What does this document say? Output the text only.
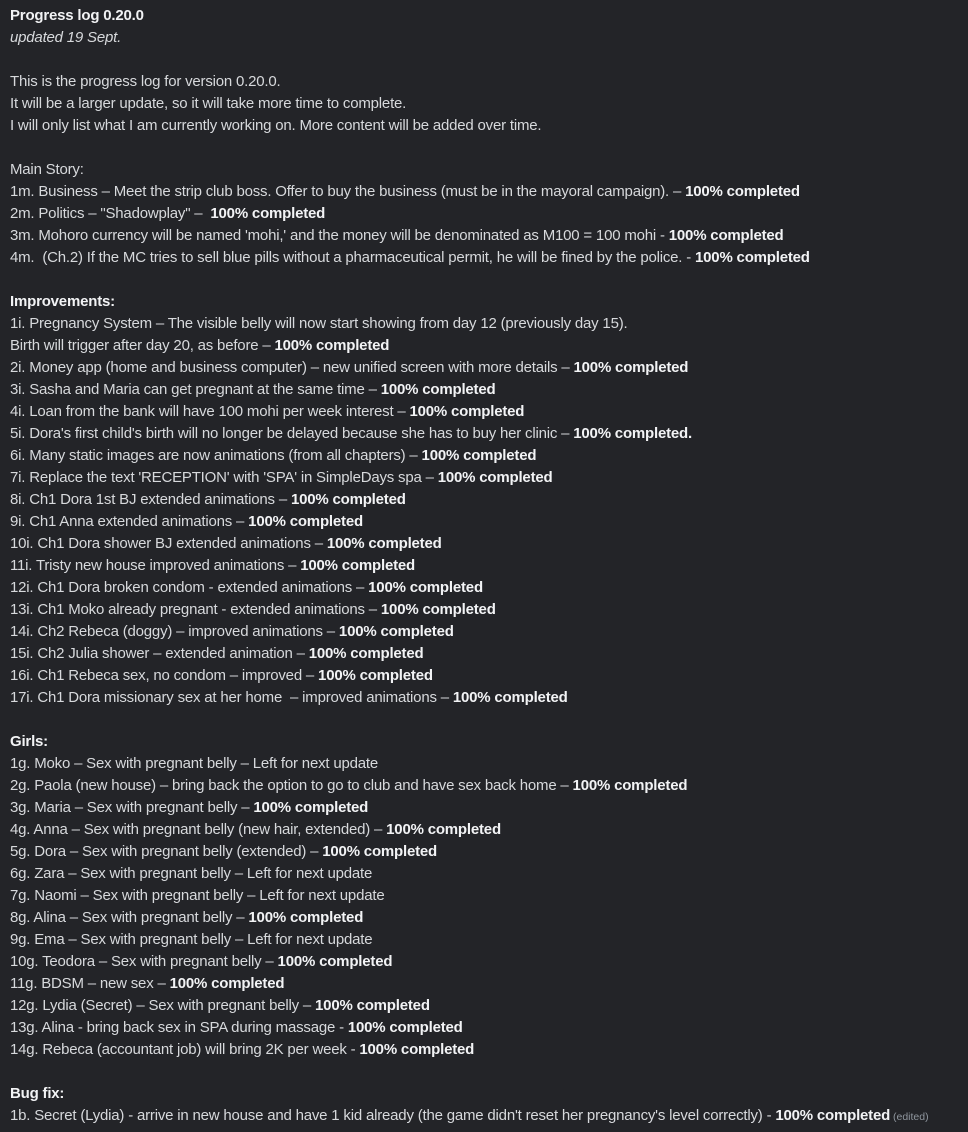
Progress log 0.20.0
updated 19 Sept.
This is the progress log for version 0.20.0.
It will be a larger update, so it will take more time to complete.
I will only list what I am currently working on. More content will be added over time.
Main Story:
1m. Business – Meet the strip club boss. Offer to buy the business (must be in the mayoral campaign). – 100% completed
2m. Politics – "Shadowplay" –  100% completed
3m. Mohoro currency will be named 'mohi,' and the money will be denominated as M100 = 100 mohi - 100% completed
4m.  (Ch.2) If the MC tries to sell blue pills without a pharmaceutical permit, he will be fined by the police. - 100% completed
Improvements:
1i. Pregnancy System – The visible belly will now start showing from day 12 (previously day 15).
Birth will trigger after day 20, as before – 100% completed
2i. Money app (home and business computer) – new unified screen with more details – 100% completed
3i. Sasha and Maria can get pregnant at the same time – 100% completed
4i. Loan from the bank will have 100 mohi per week interest – 100% completed
5i. Dora's first child's birth will no longer be delayed because she has to buy her clinic – 100% completed.
6i. Many static images are now animations (from all chapters) – 100% completed
7i. Replace the text 'RECEPTION' with 'SPA' in SimpleDays spa – 100% completed
8i. Ch1 Dora 1st BJ extended animations – 100% completed
9i. Ch1 Anna extended animations – 100% completed
10i. Ch1 Dora shower BJ extended animations – 100% completed
11i. Tristy new house improved animations – 100% completed
12i. Ch1 Dora broken condom - extended animations – 100% completed
13i. Ch1 Moko already pregnant - extended animations – 100% completed
14i. Ch2 Rebeca (doggy) – improved animations – 100% completed
15i. Ch2 Julia shower – extended animation – 100% completed
16i. Ch1 Rebeca sex, no condom – improved – 100% completed
17i. Ch1 Dora missionary sex at her home  – improved animations – 100% completed
Girls:
1g. Moko – Sex with pregnant belly – Left for next update
2g. Paola (new house) – bring back the option to go to club and have sex back home – 100% completed
3g. Maria – Sex with pregnant belly – 100% completed
4g. Anna – Sex with pregnant belly (new hair, extended) – 100% completed
5g. Dora – Sex with pregnant belly (extended) – 100% completed
6g. Zara – Sex with pregnant belly – Left for next update
7g. Naomi – Sex with pregnant belly – Left for next update
8g. Alina – Sex with pregnant belly – 100% completed
9g. Ema – Sex with pregnant belly – Left for next update
10g. Teodora – Sex with pregnant belly – 100% completed
11g. BDSM – new sex – 100% completed
12g. Lydia (Secret) – Sex with pregnant belly – 100% completed
13g. Alina - bring back sex in SPA during massage - 100% completed
14g. Rebeca (accountant job) will bring 2K per week - 100% completed
Bug fix:
1b. Secret (Lydia) - arrive in new house and have 1 kid already (the game didn't reset her pregnancy's level correctly) - 100% completed (edited)
